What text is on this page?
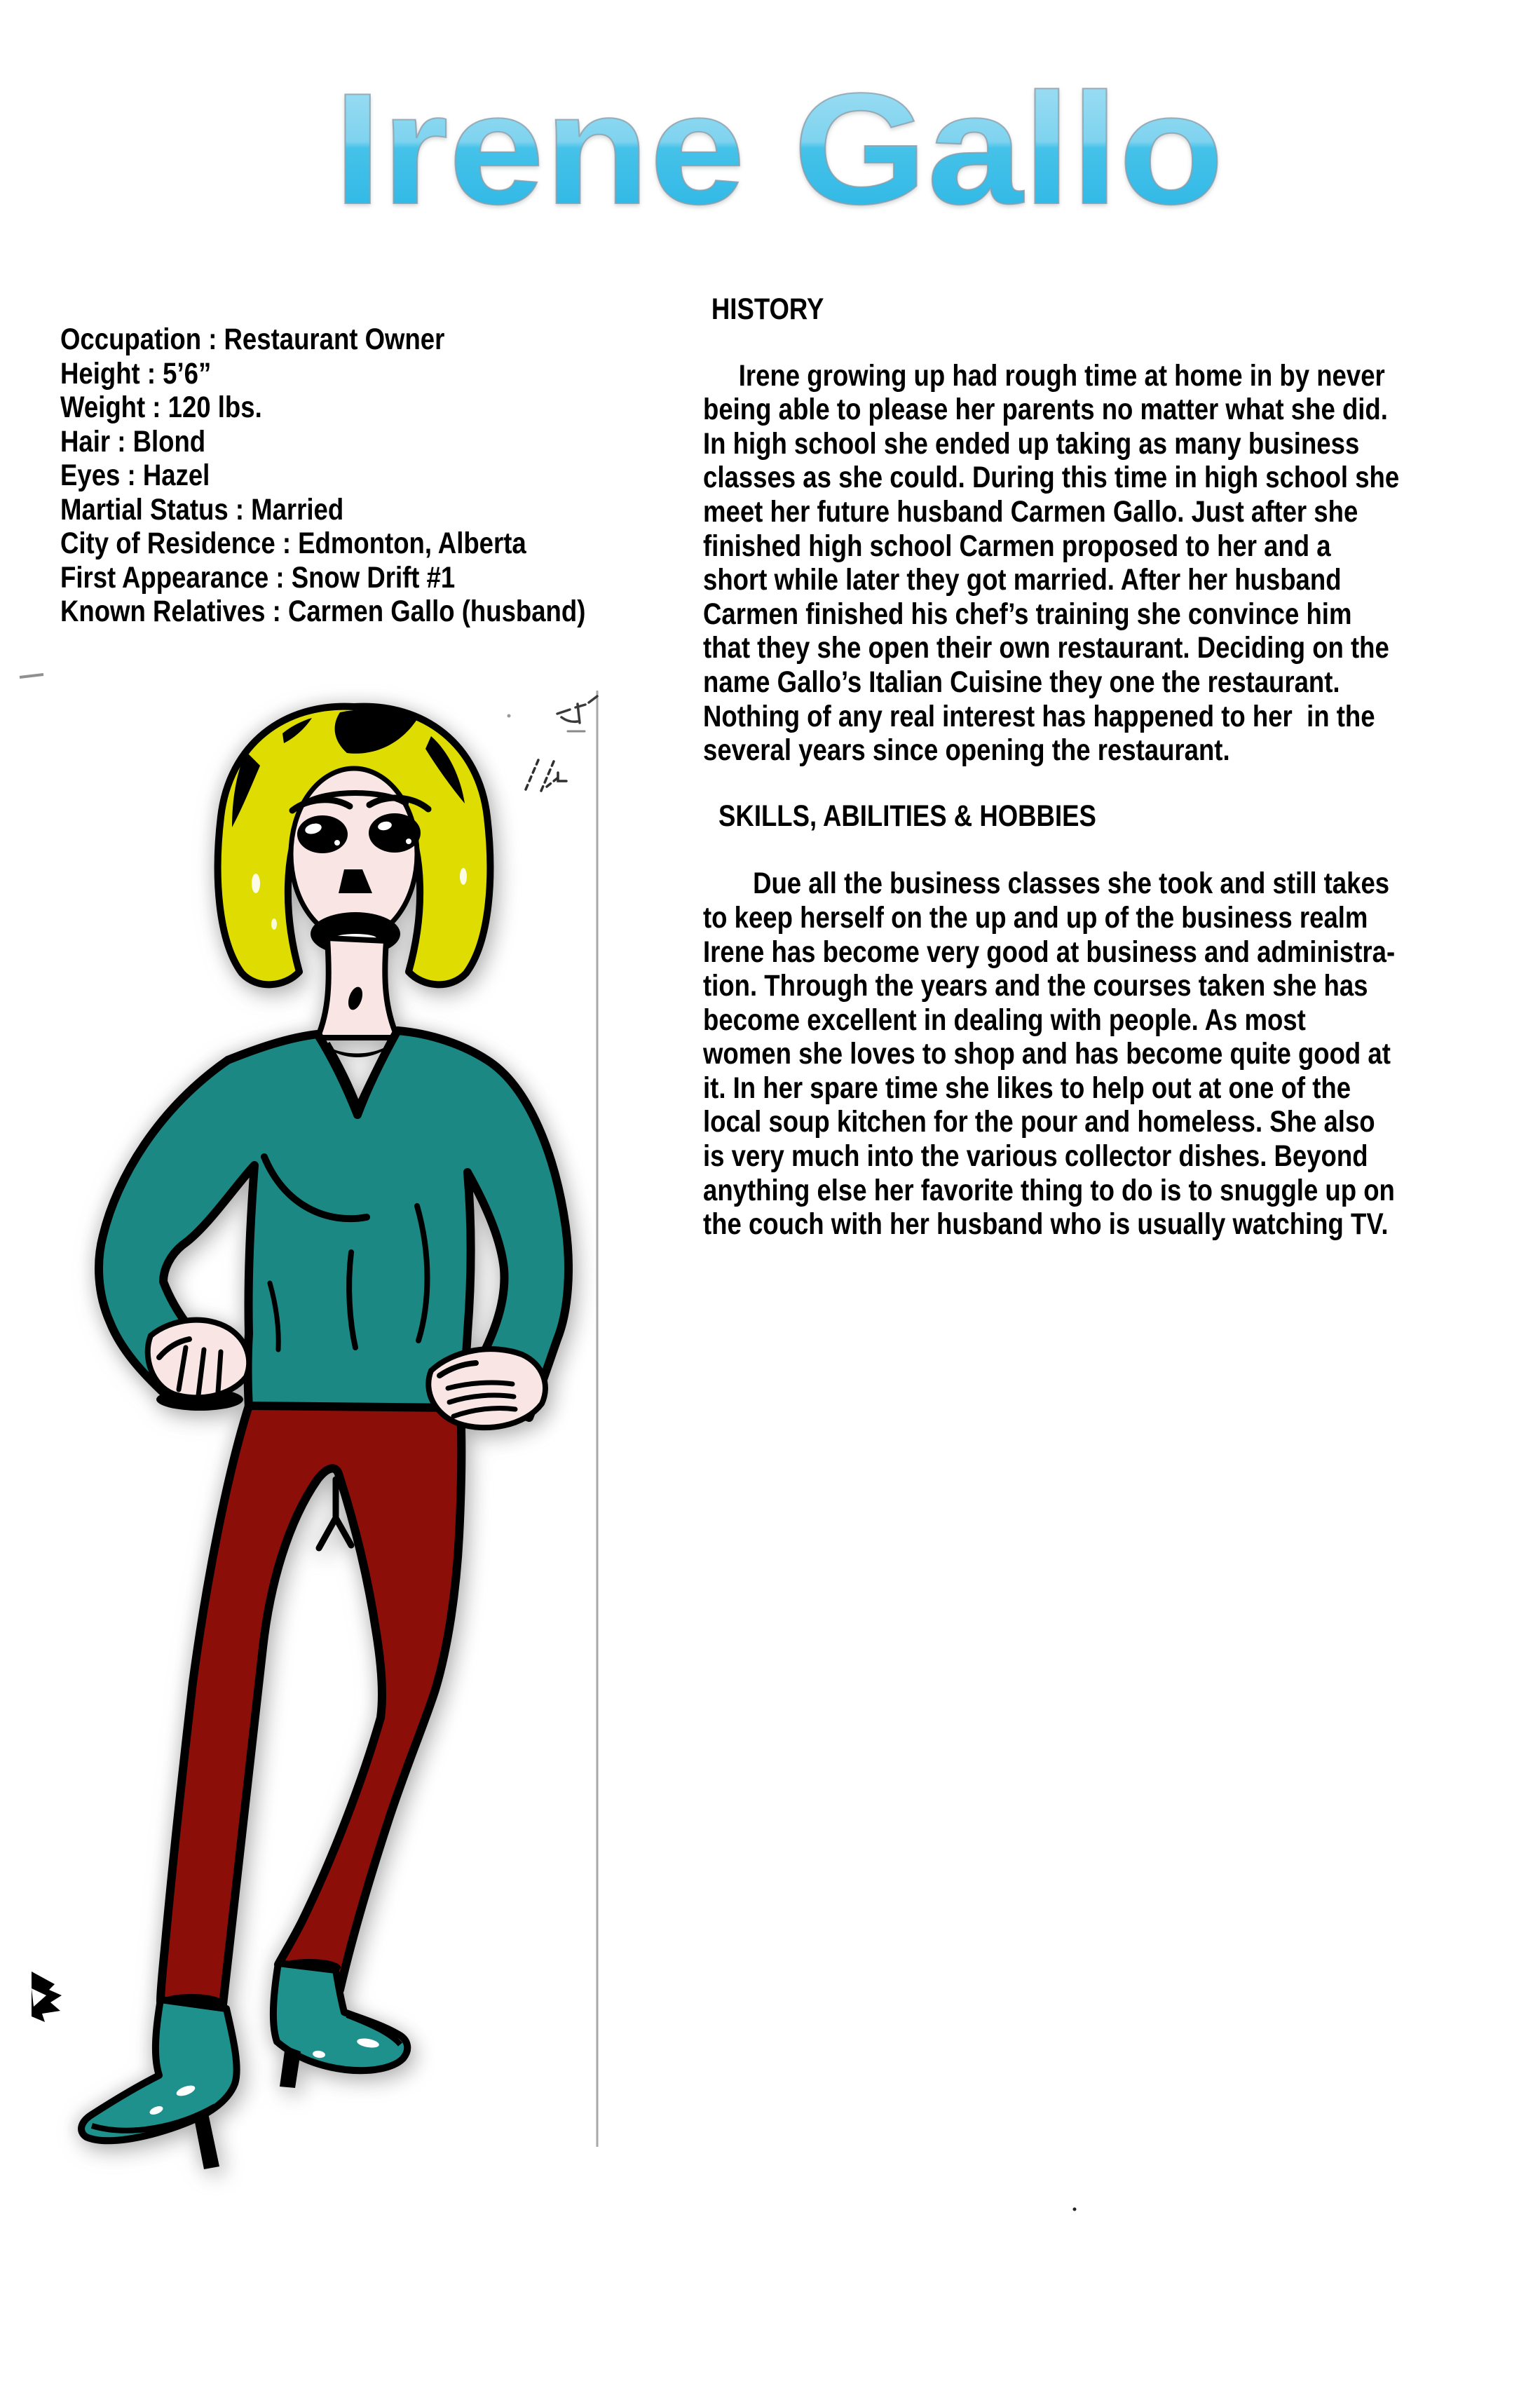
Irene Gallo
Occupation : Restaurant Owner
Height : 5’6”
Weight : 120 lbs.
Hair : Blond
Eyes : Hazel
Martial Status : Married
City of Residence : Edmonton, Alberta
First Appearance : Snow Drift #1
Known Relatives : Carmen Gallo (husband)
HISTORY
Irene growing up had rough time at home in by never
being able to please her parents no matter what she did.
In high school she ended up taking as many business
classes as she could. During this time in high school she
meet her future husband Carmen Gallo. Just after she
finished high school Carmen proposed to her and a
short while later they got married. After her husband
Carmen finished his chef’s training she convince him
that they she open their own restaurant. Deciding on the
name Gallo’s Italian Cuisine they one the restaurant.
Nothing of any real interest has happened to her  in the
several years since opening the restaurant.
SKILLS, ABILITIES & HOBBIES
Due all the business classes she took and still takes
to keep herself on the up and up of the business realm
Irene has become very good at business and administra-
tion. Through the years and the courses taken she has
become excellent in dealing with people. As most
women she loves to shop and has become quite good at
it. In her spare time she likes to help out at one of the
local soup kitchen for the pour and homeless. She also
is very much into the various collector dishes. Beyond
anything else her favorite thing to do is to snuggle up on
the couch with her husband who is usually watching TV.
